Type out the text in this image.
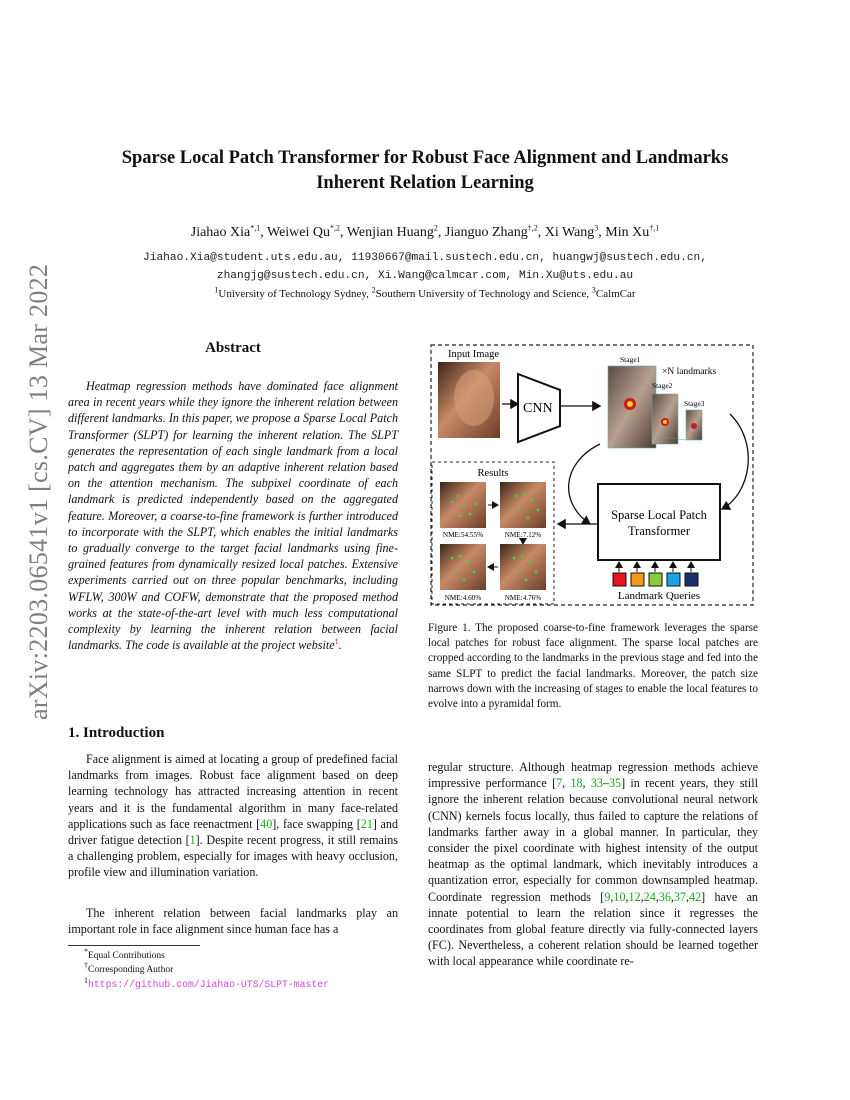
arXiv:2203.06541v1 [cs.CV] 13 Mar 2022
Sparse Local Patch Transformer for Robust Face Alignment and Landmarks
Inherent Relation Learning
Jiahao Xia$^{*,1}$, Weiwei $Qu^{*,2}$, Wenjian Huang$^2$, Jianguo Zhang$^{\dagger,2}$, Xi Wang$^3$, Min $Xu^{\dagger,1}$
Jiahao.Xia@student.uts.edu.au, 11930667@mail.sustech.edu.cn, huangwj@sustech.edu.cn,
zhangjg@sustech.edu.cn, Xi.Wang@calmcar.com, Min.Xu@uts.edu.au
$^1$University of Technology Sydney, $^2$Southern University of Technology and Science, $^3$CalmCar
Abstract
Heatmap regression methods have dominated face alignment area in recent years while they ignore the inherent relation between different landmarks. In this paper, we propose a Sparse Local Patch Transformer (SLPT) for learning the inherent relation. The SLPT generates the representation of each single landmark from a local patch and aggregates them by an adaptive inherent relation based on the attention mechanism. The subpixel coordinate of each landmark is predicted independently based on the aggregated feature. Moreover, a coarse-to-fine framework is further introduced to incorporate with the SLPT, which enables the initial landmarks to gradually converge to the target facial landmarks using fine-grained features from dynamically resized local patches. Extensive experiments carried out on three popular benchmarks, including WFLW, 300W and COFW, demonstrate that the proposed method works at the state-of-the-art level with much less computational complexity by learning the inherent relation between facial landmarks. The code is available at the project website$^1$.
1. Introduction
Face alignment is aimed at locating a group of predefined facial landmarks from images. Robust face alignment based on deep learning technology has attracted increasing attention in recent years and it is the fundamental algorithm in many face-related applications such as face reenactment [40], face swapping [21] and driver fatigue detection [1]. Despite recent progress, it still remains a challenging problem, especially for images with heavy occlusion, profile view and illumination variation.
The inherent relation between facial landmarks play an important role in face alignment since human face has a
*Equal Contributions
†Corresponding Author
$^1$https://github.com/Jiahao-UTS/SLPT-master
regular structure. Although heatmap regression methods achieve impressive performance [7, 18, 33–35] in recent years, they still ignore the inherent relation because convolutional neural network (CNN) kernels focus locally, thus failed to capture the relations of landmarks farther away in a global manner. In particular, they consider the pixel coordinate with highest intensity of the output heatmap as the optimal landmark, which inevitably introduces a quantization error, especially for common downsampled heatmap. Coordinate regression methods [9,10,12,24,36,37,42] have an innate potential to learn the relation since it regresses the coordinates from global feature directly via fully-connected layers (FC). Nevertheless, a coherent relation should be learned together with local appearance while coordinate re-
Input Image
CNN
Stage1
×N landmarks
Stage2
Stage3
Sparse Local Patch
Transformer
Landmark Queries
Results
NME:54.55%	NME:7.12%
NME:4.60%	NME:4.76%
Figure 1. The proposed coarse-to-fine framework leverages the sparse local patches for robust face alignment. The sparse local patches are cropped according to the landmarks in the previous stage and fed into the same SLPT to predict the facial landmarks. Moreover, the patch size narrows down with the increasing of stages to enable the local features to evolve into a pyramidal form.
